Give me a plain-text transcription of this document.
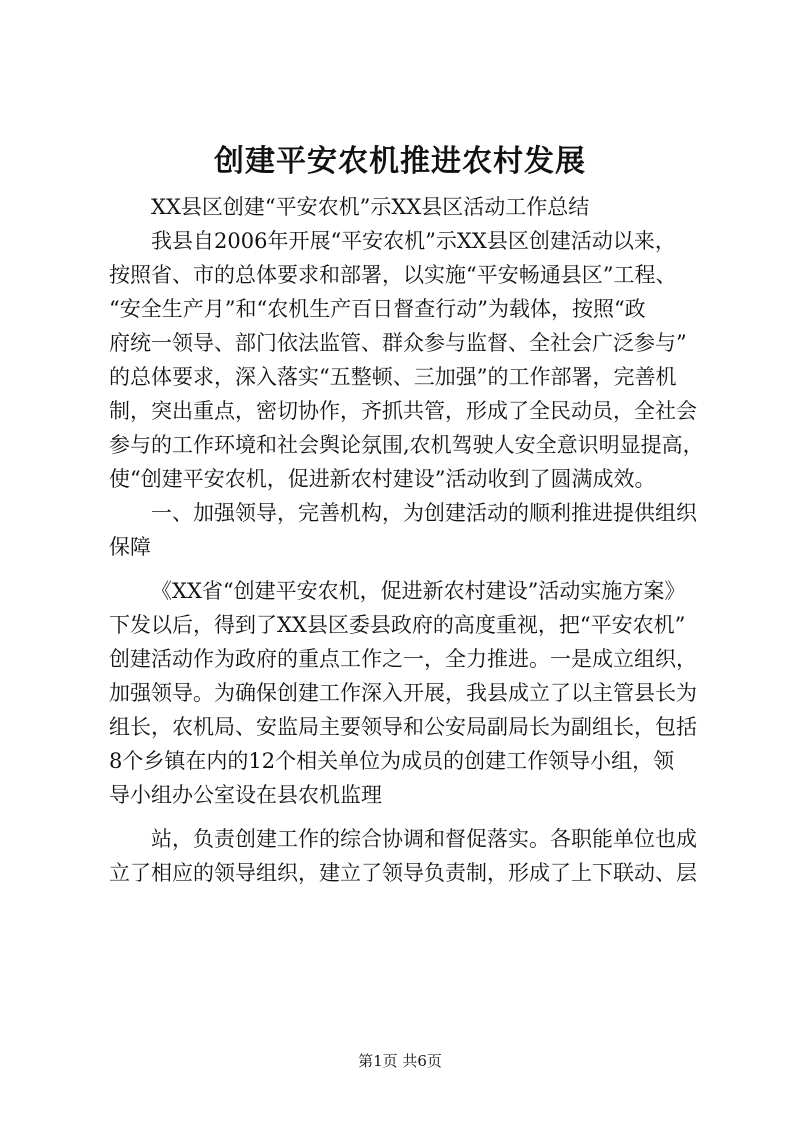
创建平安农机推进农村发展
XX县区创建“平安农机”示XX县区活动工作总结
我县自2006年开展“平安农机”示XX县区创建活动以来，
按照省、市的总体要求和部署，以实施“平安畅通县区”工程、
“安全生产月”和“农机生产百日督查行动”为载体，按照“政
府统一领导、部门依法监管、群众参与监督、全社会广泛参与”
的总体要求，深入落实“五整顿、三加强”的工作部署，完善机
制，突出重点，密切协作，齐抓共管，形成了全民动员，全社会
参与的工作环境和社会舆论氛围,农机驾驶人安全意识明显提高，
使“创建平安农机，促进新农村建设”活动收到了圆满成效。
一、加强领导，完善机构，为创建活动的顺利推进提供组织
保障
《XX省“创建平安农机，促进新农村建设”活动实施方案》
下发以后，得到了XX县区委县政府的高度重视，把“平安农机”
创建活动作为政府的重点工作之一，全力推进。一是成立组织，
加强领导。为确保创建工作深入开展，我县成立了以主管县长为
组长，农机局、安监局主要领导和公安局副局长为副组长，包括
8个乡镇在内的12个相关单位为成员的创建工作领导小组，领
导小组办公室设在县农机监理
站，负责创建工作的综合协调和督促落实。各职能单位也成
立了相应的领导组织，建立了领导负责制，形成了上下联动、层
第1页 共6页
